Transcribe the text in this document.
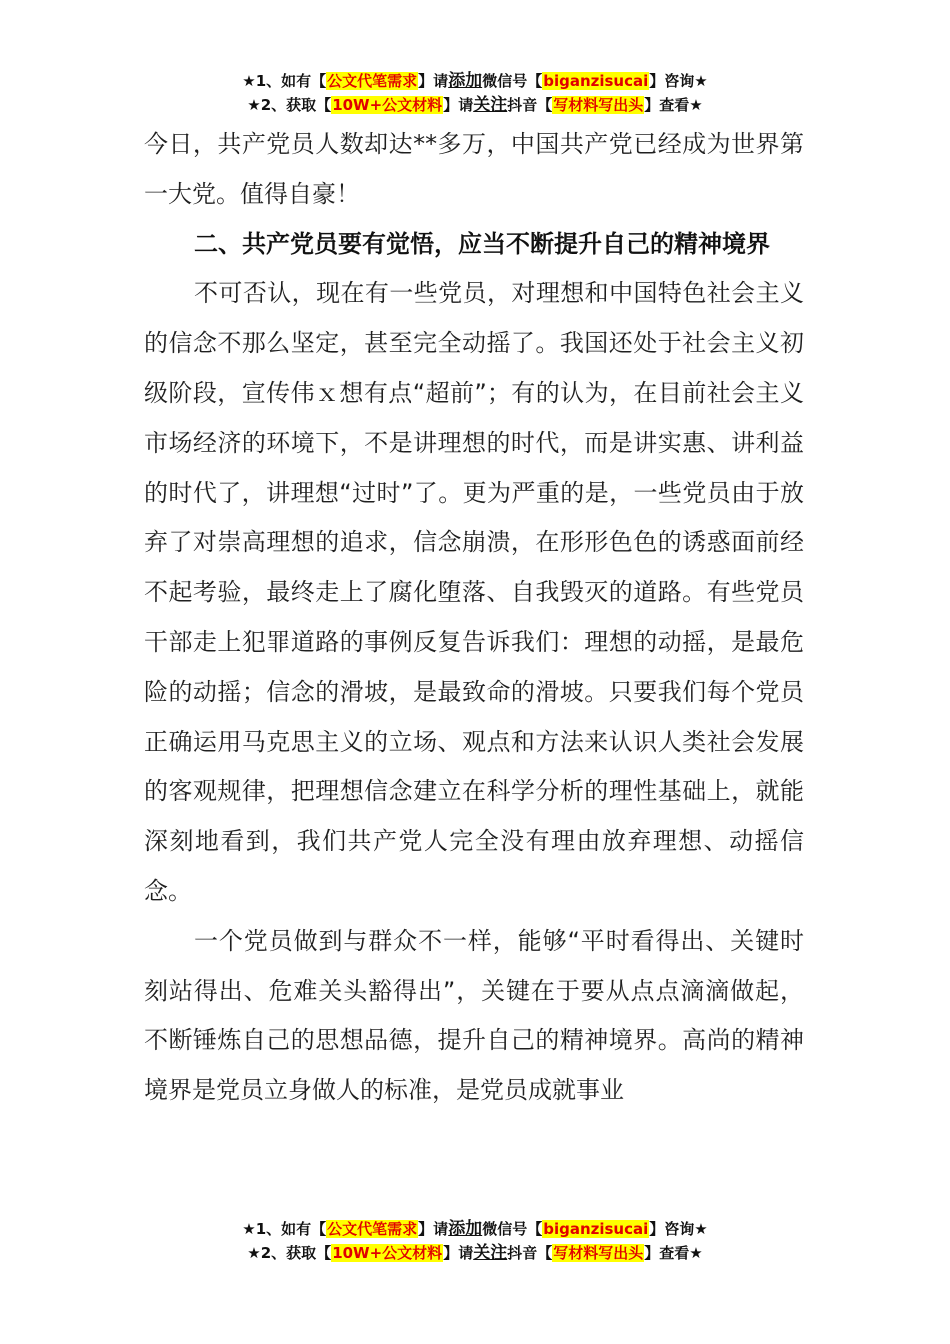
★1、如有【公文代笔需求】请添加微信号【biganzisucai】咨询★
★2、获取【10W+公文材料】请关注抖音【写材料写出头】查看★

今日，共产党员人数却达**多万，中国共产党已经成为世界第一大党。值得自豪！

二、共产党员要有觉悟，应当不断提升自己的精神境界

不可否认，现在有一些党员，对理想和中国特色社会主义的信念不那么坚定，甚至完全动摇了。我国还处于社会主义初级阶段，宣传伟ｘ想有点“超前”；有的认为，在目前社会主义市场经济的环境下，不是讲理想的时代，而是讲实惠、讲利益的时代了，讲理想“过时”了。更为严重的是，一些党员由于放弃了对崇高理想的追求，信念崩溃，在形形色色的诱惑面前经不起考验，最终走上了腐化堕落、自我毁灭的道路。有些党员干部走上犯罪道路的事例反复告诉我们：理想的动摇，是最危险的动摇；信念的滑坡，是最致命的滑坡。只要我们每个党员正确运用马克思主义的立场、观点和方法来认识人类社会发展的客观规律，把理想信念建立在科学分析的理性基础上，就能深刻地看到，我们共产党人完全没有理由放弃理想、动摇信念。

一个党员做到与群众不一样，能够“平时看得出、关键时刻站得出、危难关头豁得出”，关键在于要从点点滴滴做起，不断锤炼自己的思想品德，提升自己的精神境界。高尚的精神境界是党员立身做人的标准，是党员成就事业

★1、如有【公文代笔需求】请添加微信号【biganzisucai】咨询★
★2、获取【10W+公文材料】请关注抖音【写材料写出头】查看★
